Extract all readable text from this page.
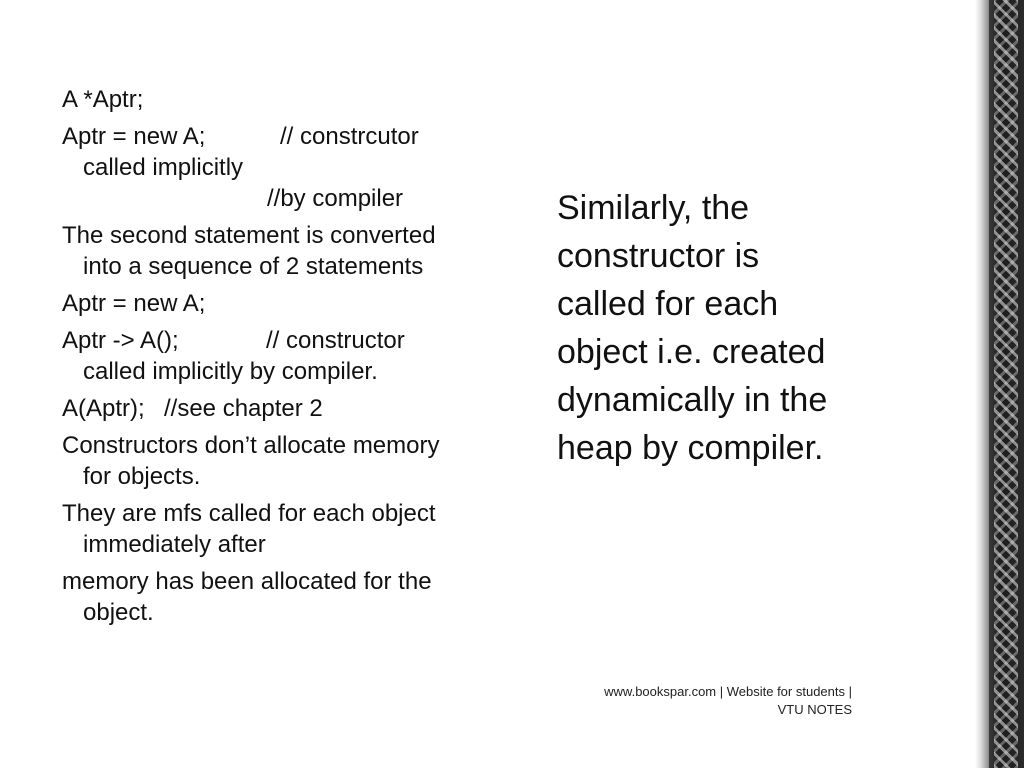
A *Aptr;

Aptr = new A;	// constrcutor called implicitly
//by compiler

The second statement is converted into a sequence of 2 statements

Aptr = new A;

Aptr -> A();	// constructor called implicitly by compiler.

A(Aptr); //see chapter 2

Constructors don’t allocate memory for objects.

They are mfs called for each object immediately after

memory has been allocated for the object.

Similarly, the constructor is called for each object i.e. created dynamically in the heap by compiler.
www.bookspar.com | Website for students |
VTU NOTES
